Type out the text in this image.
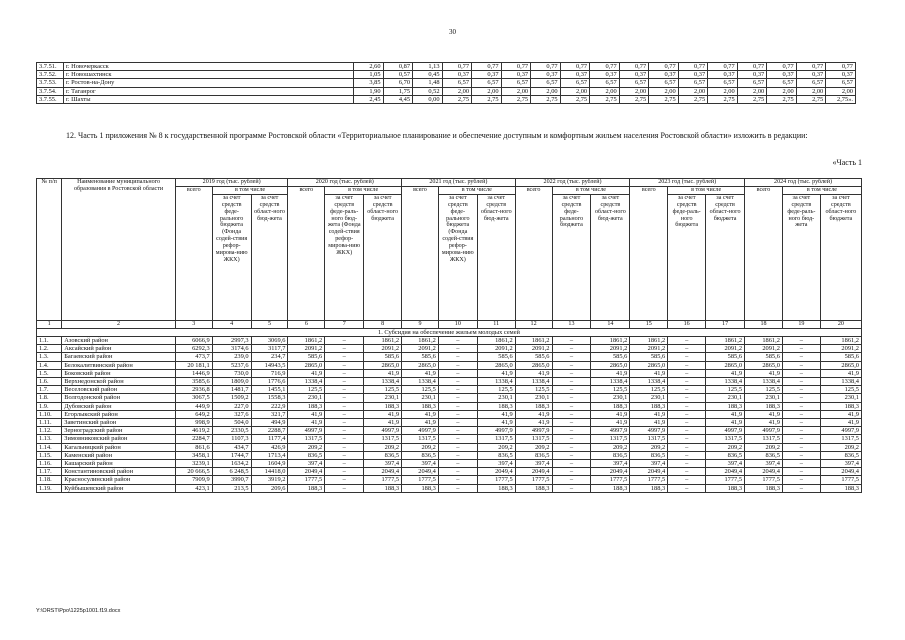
30
3.7.51.	г. Новочеркасск	2,60	0,87	1,13	0,77	0,77	0,77	0,77	0,77	0,77	0,77	0,77	0,77	0,77	0,77	0,77	0,77	0,77
3.7.52.	г. Новошахтинск	1,05	0,57	0,45	0,37	0,37	0,37	0,37	0,37	0,37	0,37	0,37	0,37	0,37	0,37	0,37	0,37	0,37
3.7.53.	г. Ростов-на-Дону	3,85	6,70	1,48	6,57	6,57	6,57	6,57	6,57	6,57	6,57	6,57	6,57	6,57	6,57	6,57	6,57	6,57
3.7.54.	г. Таганрог	1,90	1,75	0,52	2,00	2,00	2,00	2,00	2,00	2,00	2,00	2,00	2,00	2,00	2,00	2,00	2,00	2,00
3.7.55.	г. Шахты	2,45	4,45	0,00	2,75	2,75	2,75	2,75	2,75	2,75	2,75	2,75	2,75	2,75	2,75	2,75	2,75	2,75».
12. Часть 1 приложения № 8 к государственной программе Ростовской области «Территориальное планирование и обеспечение доступным и комфортным жильем населения Ростовской области» изложить в редакции:
«Часть 1
№ п/п	Наименование муниципального образования в Ростовской области	2019 год (тыс. рублей)			2020 год (тыс. рублей)			2021 год (тыс. рублей)			2022 год (тыс. рублей)			2023 год (тыс. рублей)			2024 год (тыс. рублей)		
		всего	в том числе		всего	в том числе		всего	в том числе		всего	в том числе		всего	в том числе		всего	в том числе	
			за счет средств феде-рального бюджета (Фонда содей-ствия рефор-мирова-нию ЖКХ)	за счет средств област-ного бюд-жета		за счет средств феде-раль-ного бюд-жета (Фонда содей-ствия рефор-мирова-нию ЖКХ)	за счет средств област-ного бюджета		за счет средств феде-рального бюджета (Фонда содей-ствия рефор-мирова-нию ЖКХ)	за счет средств област-ного бюд-жета		за счет средств феде-рального бюджета	за счет средств област-ного бюд-жета		за счет средств феде-раль-ного бюджета	за счет средств област-ного бюджета		за счет средств феде-раль-ного бюд-жета	за счет средств област-ного бюджета
1	2	3	4	5	6	7	8	9	10	11	12	13	14	15	16	17	18	19	20
1. Субсидия на обеспечение жильем молодых семей																			
1.1.	Азовский район	6066,9	2997,3	3069,6	1861,2	–	1861,2	1861,2	–	1861,2	1861,2	–	1861,2	1861,2	–	1861,2	1861,2	–	1861,2
1.2.	Аксайский район	6292,3	3174,6	3117,7	2091,2	–	2091,2	2091,2	–	2091,2	2091,2	–	2091,2	2091,2	–	2091,2	2091,2	–	2091,2
1.3.	Багаевский район	473,7	239,0	234,7	585,6	–	585,6	585,6	–	585,6	585,6	–	585,6	585,6	–	585,6	585,6	–	585,6
1.4.	Белокалитвинский район	20 181,1	5237,6	14943,5	2865,0	–	2865,0	2865,0	–	2865,0	2865,0	–	2865,0	2865,0	–	2865,0	2865,0	–	2865,0
1.5.	Боковский район	1446,9	730,0	716,9	41,9	–	41,9	41,9	–	41,9	41,9	–	41,9	41,9	–	41,9	41,9	–	41,9
1.6.	Верхнедонской район	3585,6	1809,0	1776,6	1338,4	–	1338,4	1338,4	–	1338,4	1338,4	–	1338,4	1338,4	–	1338,4	1338,4	–	1338,4
1.7.	Веселовский район	2936,8	1481,7	1455,1	125,5	–	125,5	125,5	–	125,5	125,5	–	125,5	125,5	–	125,5	125,5	–	125,5
1.8.	Волгодонской район	3067,5	1509,2	1558,3	230,1	–	230,1	230,1	–	230,1	230,1	–	230,1	230,1	–	230,1	230,1	–	230,1
1.9.	Дубовский район	449,9	227,0	222,9	188,3	–	188,3	188,3	–	188,3	188,3	–	188,3	188,3	–	188,3	188,3	–	188,3
1.10.	Егорлыкский район	649,2	327,6	321,7	41,9	–	41,9	41,9	–	41,9	41,9	–	41,9	41,9	–	41,9	41,9	–	41,9
1.11.	Заветинский район	998,9	504,0	494,9	41,9	–	41,9	41,9	–	41,9	41,9	–	41,9	41,9	–	41,9	41,9	–	41,9
1.12.	Зерноградский район	4619,2	2330,5	2288,7	4997,9	–	4997,9	4997,9	–	4997,9	4997,9	–	4997,9	4997,9	–	4997,9	4997,9	–	4997,9
1.13.	Зимовниковский район	2284,7	1107,3	1177,4	1317,5	–	1317,5	1317,5	–	1317,5	1317,5	–	1317,5	1317,5	–	1317,5	1317,5	–	1317,5
1.14.	Кагальницкий район	861,6	434,7	426,9	209,2	–	209,2	209,2	–	209,2	209,2	–	209,2	209,2	–	209,2	209,2	–	209,2
1.15.	Каменский район	3458,1	1744,7	1713,4	836,5	–	836,5	836,5	–	836,5	836,5	–	836,5	836,5	–	836,5	836,5	–	836,5
1.16.	Кашарский район	3239,1	1634,2	1604,9	397,4	–	397,4	397,4	–	397,4	397,4	–	397,4	397,4	–	397,4	397,4	–	397,4
1.17.	Константиновский район	20 666,5	6 248,5	14418,0	2049,4	–	2049,4	2049,4	–	2049,4	2049,4	–	2049,4	2049,4	–	2049,4	2049,4	–	2049,4
1.18.	Красносулинский район	7909,9	3990,7	3919,2	1777,5	–	1777,5	1777,5	–	1777,5	1777,5	–	1777,5	1777,5	–	1777,5	1777,5	–	1777,5
1.19.	Куйбышевский район	423,1	213,5	209,6	188,3	–	188,3	188,3	–	188,3	188,3	–	188,3	188,3	–	188,3	188,3	–	188,3
Y:\ORST\Ppo\1225p1001.f19.docx
